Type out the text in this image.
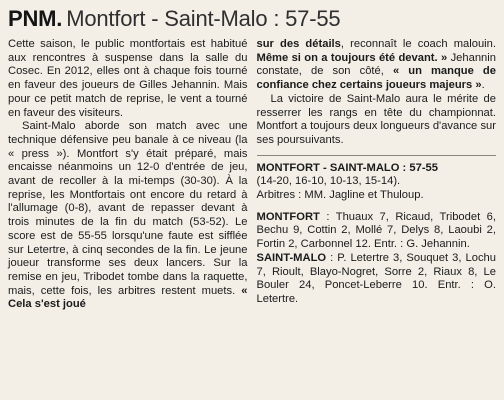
PNM. Montfort - Saint-Malo : 57-55

Cette saison, le public montfortais est habitué aux rencontres à suspense dans la salle du Cosec. En 2012, elles ont à chaque fois tourné en faveur des joueurs de Gilles Jehannin. Mais pour ce petit match de reprise, le vent a tourné en faveur des visiteurs.

Saint-Malo aborde son match avec une technique défensive peu banale à ce niveau (la « press »). Montfort s'y était préparé, mais encaisse néanmoins un 12-0 d'entrée de jeu, avant de recoller à la mi-temps (30-30). À la reprise, les Montfortais ont encore du retard à l'allumage (0-8), avant de repasser devant à trois minutes de la fin du match (53-52). Le score est de 55-55 lorsqu'une faute est sifflée sur Letertre, à cinq secondes de la fin. Le jeune joueur transforme ses deux lancers. Sur la remise en jeu, Tribodet tombe dans la raquette, mais, cette fois, les arbitres restent muets. « Cela s'est joué

sur des détails, reconnaît le coach malouin. Même si on a toujours été devant. » Jehannin constate, de son côté, « un manque de confiance chez certains joueurs majeurs ».

La victoire de Saint-Malo aura le mérite de resserrer les rangs en tête du championnat. Montfort a toujours deux longueurs d'avance sur ses poursuivants.

MONTFORT - SAINT-MALO : 57-55
(14-20, 16-10, 10-13, 15-14).
Arbitres : MM. Jagline et Thuloup.

MONTFORT : Thuaux 7, Ricaud, Tribodet 6, Bechu 9, Cottin 2, Mollé 7, Delys 8, Laoubi 2, Fortin 2, Carbonnel 12. Entr. : G. Jehannin.

SAINT-MALO : P. Letertre 3, Souquet 3, Lochu 7, Rioult, Blayo-Nogret, Sorre 2, Riaux 8, Le Bouler 24, Poncet-Leberre 10. Entr. : O. Letertre.
